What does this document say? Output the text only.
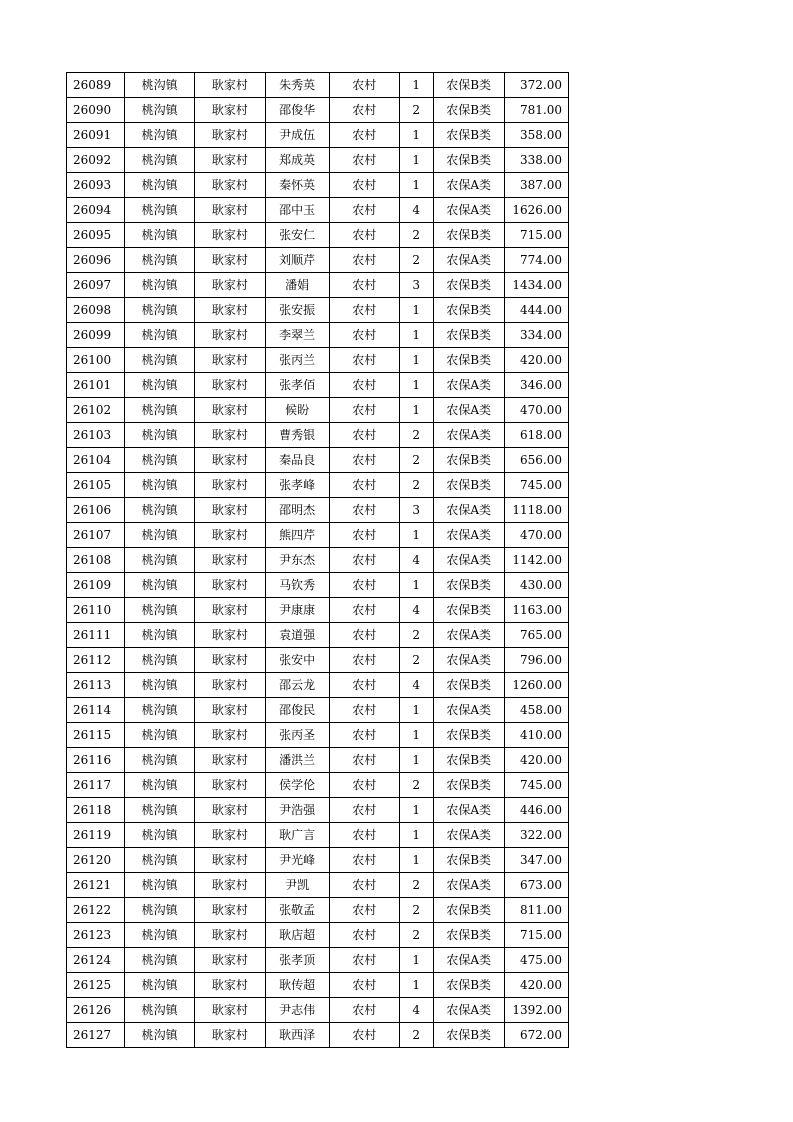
26089	桃沟镇	耿家村	朱秀英	农村	1	农保B类	372.00
26090	桃沟镇	耿家村	邵俊华	农村	2	农保B类	781.00
26091	桃沟镇	耿家村	尹成伍	农村	1	农保B类	358.00
26092	桃沟镇	耿家村	郑成英	农村	1	农保B类	338.00
26093	桃沟镇	耿家村	秦怀英	农村	1	农保A类	387.00
26094	桃沟镇	耿家村	邵中玉	农村	4	农保A类	1626.00
26095	桃沟镇	耿家村	张安仁	农村	2	农保B类	715.00
26096	桃沟镇	耿家村	刘顺芹	农村	2	农保A类	774.00
26097	桃沟镇	耿家村	潘娟	农村	3	农保B类	1434.00
26098	桃沟镇	耿家村	张安振	农村	1	农保B类	444.00
26099	桃沟镇	耿家村	李翠兰	农村	1	农保B类	334.00
26100	桃沟镇	耿家村	张丙兰	农村	1	农保B类	420.00
26101	桃沟镇	耿家村	张孝佰	农村	1	农保A类	346.00
26102	桃沟镇	耿家村	候盼	农村	1	农保A类	470.00
26103	桃沟镇	耿家村	曹秀银	农村	2	农保A类	618.00
26104	桃沟镇	耿家村	秦品良	农村	2	农保B类	656.00
26105	桃沟镇	耿家村	张孝峰	农村	2	农保B类	745.00
26106	桃沟镇	耿家村	邵明杰	农村	3	农保A类	1118.00
26107	桃沟镇	耿家村	熊四芹	农村	1	农保A类	470.00
26108	桃沟镇	耿家村	尹东杰	农村	4	农保A类	1142.00
26109	桃沟镇	耿家村	马钦秀	农村	1	农保B类	430.00
26110	桃沟镇	耿家村	尹康康	农村	4	农保B类	1163.00
26111	桃沟镇	耿家村	袁道强	农村	2	农保A类	765.00
26112	桃沟镇	耿家村	张安中	农村	2	农保A类	796.00
26113	桃沟镇	耿家村	邵云龙	农村	4	农保B类	1260.00
26114	桃沟镇	耿家村	邵俊民	农村	1	农保A类	458.00
26115	桃沟镇	耿家村	张丙圣	农村	1	农保B类	410.00
26116	桃沟镇	耿家村	潘洪兰	农村	1	农保B类	420.00
26117	桃沟镇	耿家村	侯学伦	农村	2	农保B类	745.00
26118	桃沟镇	耿家村	尹浩强	农村	1	农保A类	446.00
26119	桃沟镇	耿家村	耿广言	农村	1	农保A类	322.00
26120	桃沟镇	耿家村	尹光峰	农村	1	农保B类	347.00
26121	桃沟镇	耿家村	尹凯	农村	2	农保A类	673.00
26122	桃沟镇	耿家村	张敬孟	农村	2	农保B类	811.00
26123	桃沟镇	耿家村	耿店超	农村	2	农保B类	715.00
26124	桃沟镇	耿家村	张孝顶	农村	1	农保A类	475.00
26125	桃沟镇	耿家村	耿传超	农村	1	农保B类	420.00
26126	桃沟镇	耿家村	尹志伟	农村	4	农保A类	1392.00
26127	桃沟镇	耿家村	耿西泽	农村	2	农保B类	672.00
